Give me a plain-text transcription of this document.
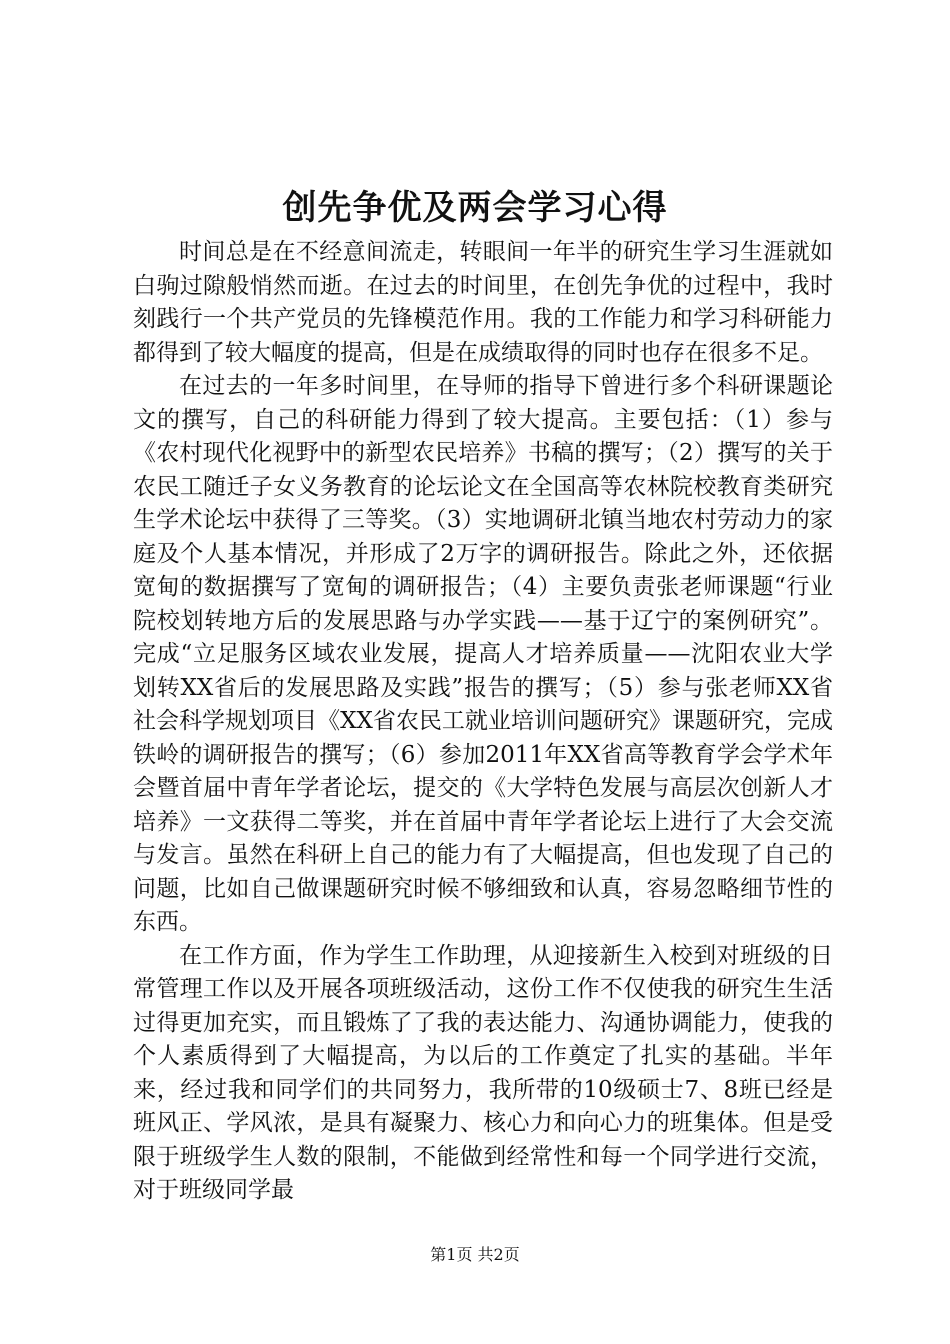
创先争优及两会学习心得

时间总是在不经意间流走，转眼间一年半的研究生学习生涯就如白驹过隙般悄然而逝。在过去的时间里，在创先争优的过程中，我时刻践行一个共产党员的先锋模范作用。我的工作能力和学习科研能力都得到了较大幅度的提高，但是在成绩取得的同时也存在很多不足。

在过去的一年多时间里，在导师的指导下曾进行多个科研课题论文的撰写，自己的科研能力得到了较大提高。主要包括：（1）参与《农村现代化视野中的新型农民培养》书稿的撰写；（2）撰写的关于农民工随迁子女义务教育的论坛论文在全国高等农林院校教育类研究生学术论坛中获得了三等奖。（3）实地调研北镇当地农村劳动力的家庭及个人基本情况，并形成了2万字的调研报告。除此之外，还依据宽甸的数据撰写了宽甸的调研报告；（4）主要负责张老师课题“行业院校划转地方后的发展思路与办学实践——基于辽宁的案例研究”。完成“立足服务区域农业发展，提高人才培养质量——沈阳农业大学划转XX省后的发展思路及实践”报告的撰写；（5）参与张老师XX省社会科学规划项目《XX省农民工就业培训问题研究》课题研究，完成铁岭的调研报告的撰写；（6）参加2011年XX省高等教育学会学术年会暨首届中青年学者论坛，提交的《大学特色发展与高层次创新人才培养》一文获得二等奖，并在首届中青年学者论坛上进行了大会交流与发言。虽然在科研上自己的能力有了大幅提高，但也发现了自己的问题，比如自己做课题研究时候不够细致和认真，容易忽略细节性的东西。

在工作方面，作为学生工作助理，从迎接新生入校到对班级的日常管理工作以及开展各项班级活动，这份工作不仅使我的研究生生活过得更加充实，而且锻炼了了我的表达能力、沟通协调能力，使我的个人素质得到了大幅提高，为以后的工作奠定了扎实的基础。半年来，经过我和同学们的共同努力，我所带的10级硕士7、8班已经是班风正、学风浓，是具有凝聚力、核心力和向心力的班集体。但是受限于班级学生人数的限制，不能做到经常性和每一个同学进行交流，对于班级同学最

第1页 共2页
